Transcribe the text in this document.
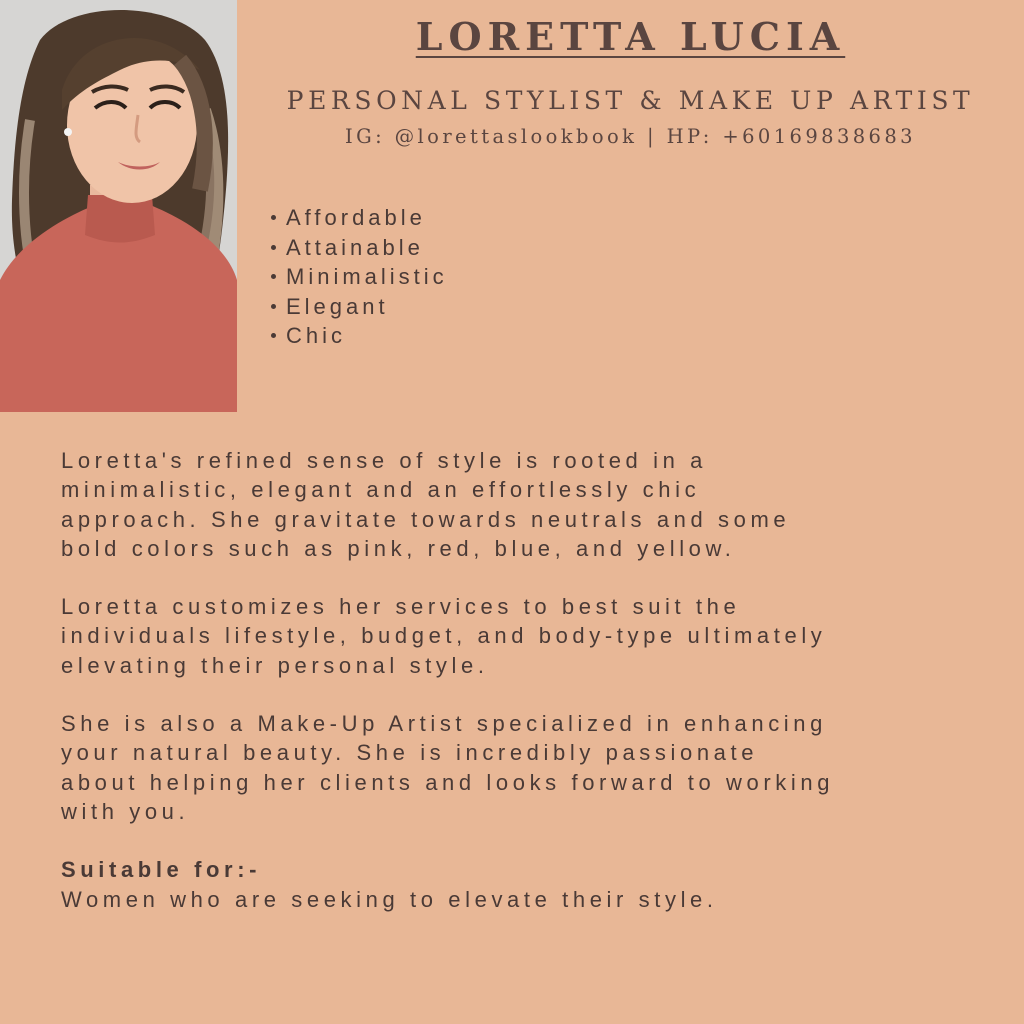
LORETTA LUCIA
PERSONAL STYLIST & MAKE UP ARTIST
IG: @lorettaslookbook | HP: +60169838683
Affordable
Attainable
Minimalistic
Elegant
Chic

Loretta's refined sense of style is rooted in a
minimalistic, elegant and an effortlessly chic
approach. She gravitate towards neutrals and some
bold colors such as pink, red, blue, and yellow.

Loretta customizes her services to best suit the
individuals lifestyle, budget, and body-type ultimately
elevating their personal style.

She is also a Make-Up Artist specialized in enhancing
your natural beauty. She is incredibly passionate
about helping her clients and looks forward to working
with you.

Suitable for:-

Women who are seeking to elevate their style.
